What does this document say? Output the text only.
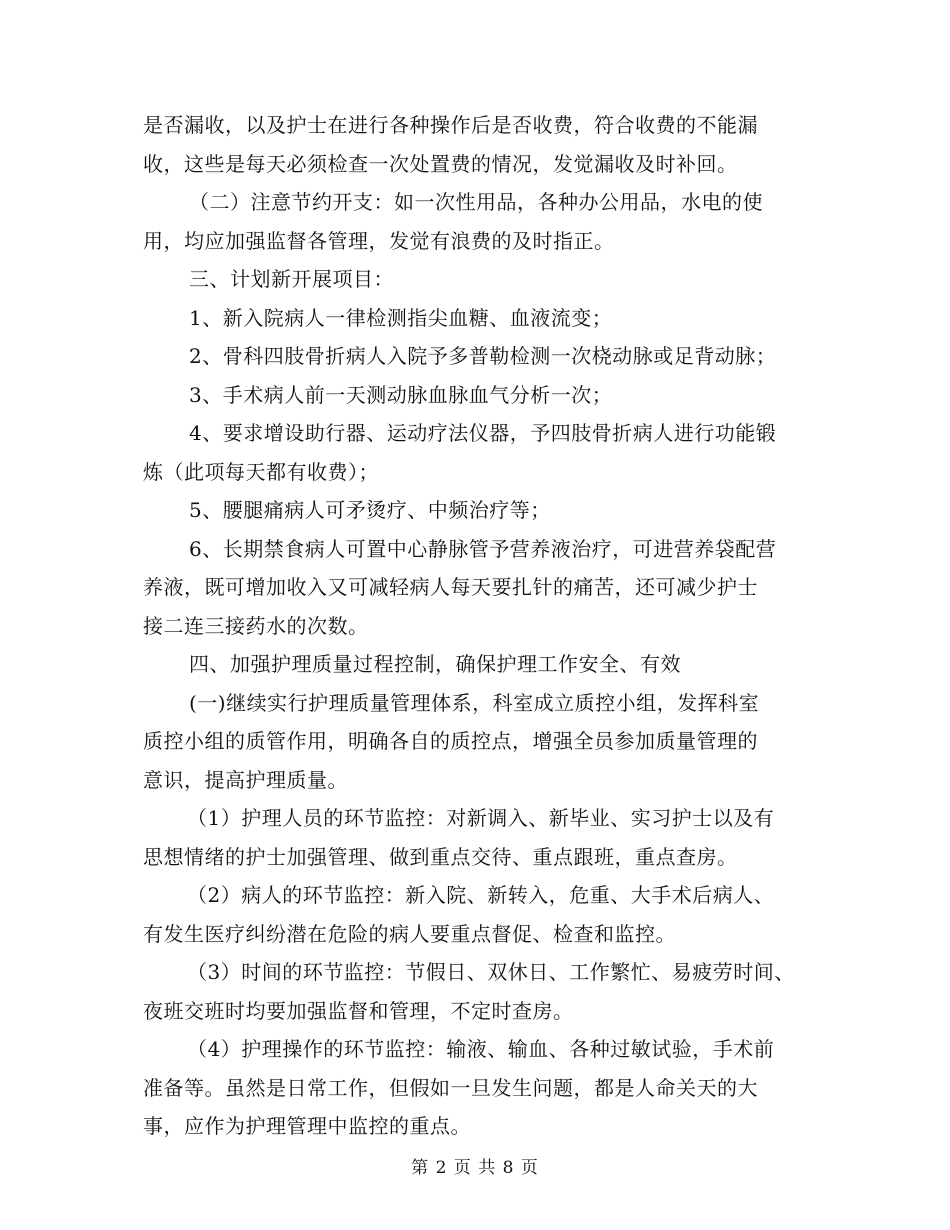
是否漏收，以及护士在进行各种操作后是否收费，符合收费的不能漏
收，这些是每天必须检查一次处置费的情况，发觉漏收及时补回。

（二）注意节约开支：如一次性用品，各种办公用品，水电的使
用，均应加强监督各管理，发觉有浪费的及时指正。

三、计划新开展项目：

1、新入院病人一律检测指尖血糖、血液流变；

2、骨科四肢骨折病人入院予多普勒检测一次桡动脉或足背动脉；

3、手术病人前一天测动脉血脉血气分析一次；

4、要求增设助行器、运动疗法仪器，予四肢骨折病人进行功能锻
炼（此项每天都有收费）；

5、腰腿痛病人可矛烫疗、中频治疗等；

6、长期禁食病人可置中心静脉管予营养液治疗，可进营养袋配营
养液，既可增加收入又可减轻病人每天要扎针的痛苦，还可减少护士
接二连三接药水的次数。

四、加强护理质量过程控制，确保护理工作安全、有效

(一)继续实行护理质量管理体系，科室成立质控小组，发挥科室
质控小组的质管作用，明确各自的质控点，增强全员参加质量管理的
意识，提高护理质量。

（1）护理人员的环节监控：对新调入、新毕业、实习护士以及有
思想情绪的护士加强管理、做到重点交待、重点跟班，重点查房。

（2）病人的环节监控：新入院、新转入，危重、大手术后病人、
有发生医疗纠纷潜在危险的病人要重点督促、检查和监控。

（3）时间的环节监控：节假日、双休日、工作繁忙、易疲劳时间、
夜班交班时均要加强监督和管理，不定时查房。

（4）护理操作的环节监控：输液、输血、各种过敏试验，手术前
准备等。虽然是日常工作，但假如一旦发生问题，都是人命关天的大
事，应作为护理管理中监控的重点。

第 2 页 共 8 页
